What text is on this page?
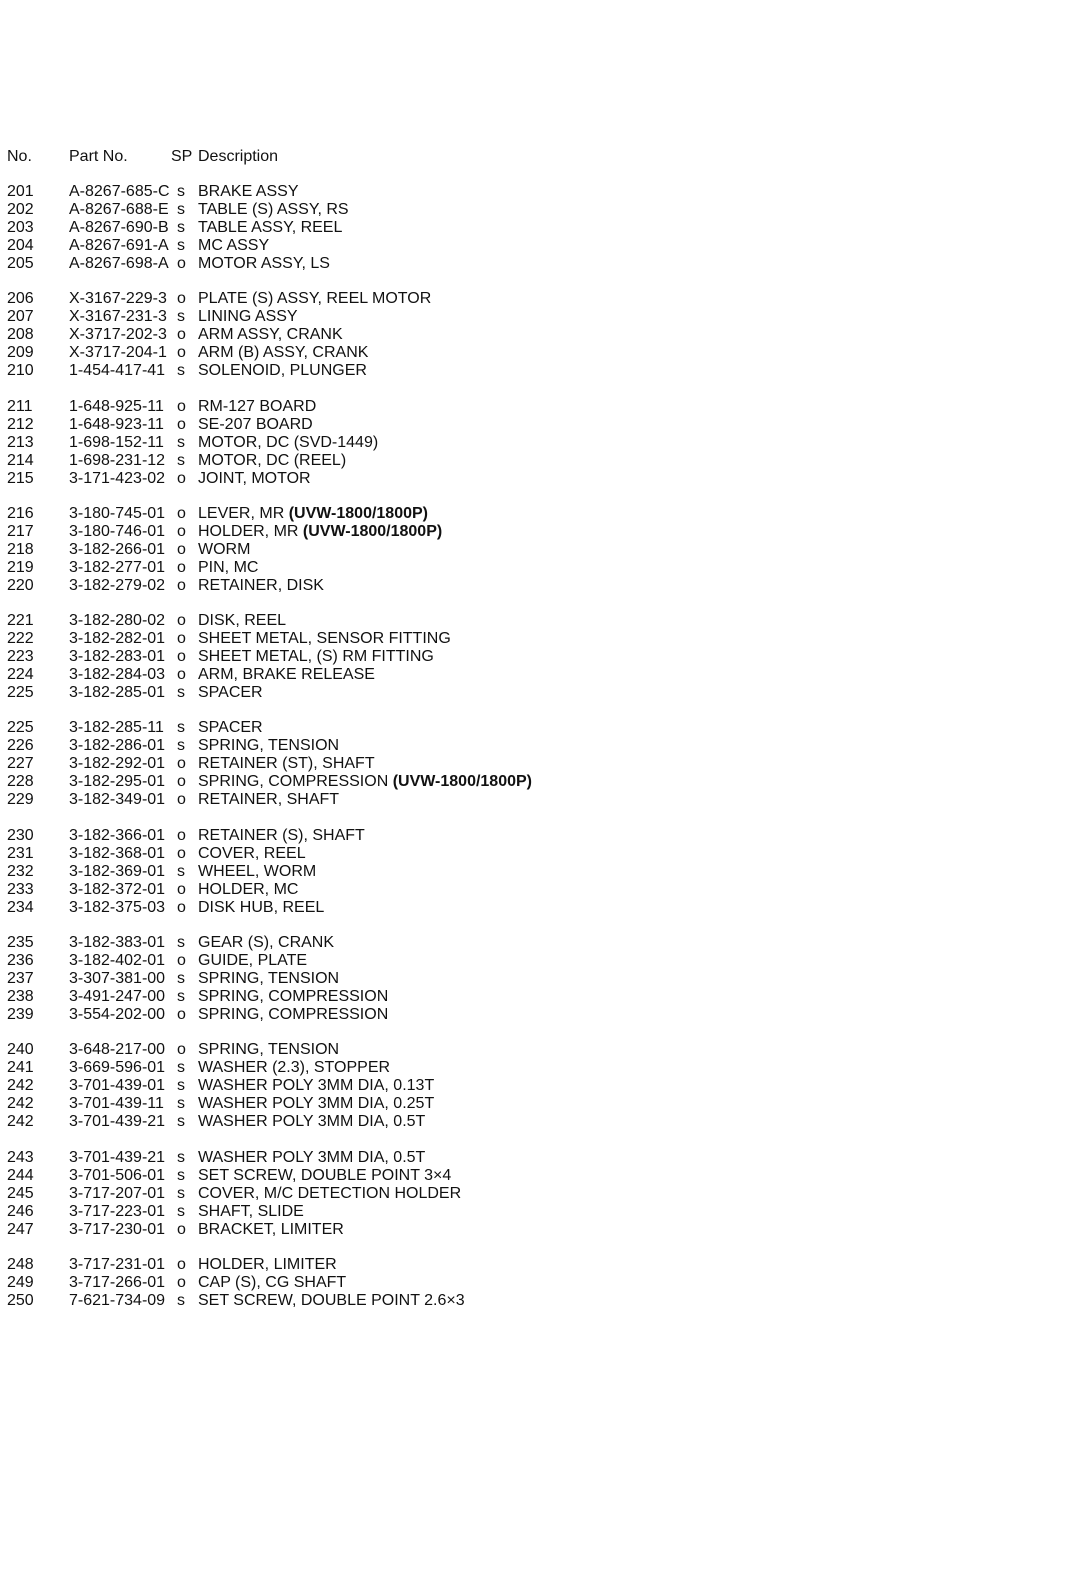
No.	Part No.	SP Description
201	A-8267-685-C s BRAKE ASSY
202	A-8267-688-E s TABLE (S) ASSY, RS
203	A-8267-690-B s TABLE ASSY, REEL
204	A-8267-691-A s MC ASSY
205	A-8267-698-A o MOTOR ASSY, LS
206	X-3167-229-3 o PLATE (S) ASSY, REEL MOTOR
207	X-3167-231-3 s LINING ASSY
208	X-3717-202-3 o ARM ASSY, CRANK
209	X-3717-204-1 o ARM (B) ASSY, CRANK
210	1-454-417-41 s SOLENOID, PLUNGER
211	1-648-925-11 o RM-127 BOARD
212	1-648-923-11 o SE-207 BOARD
213	1-698-152-11 s MOTOR, DC (SVD-1449)
214	1-698-231-12 s MOTOR, DC (REEL)
215	3-171-423-02 o JOINT, MOTOR
216	3-180-745-01 o LEVER, MR (UVW-1800/1800P)
217	3-180-746-01 o HOLDER, MR (UVW-1800/1800P)
218	3-182-266-01 o WORM
219	3-182-277-01 o PIN, MC
220	3-182-279-02 o RETAINER, DISK
221	3-182-280-02 o DISK, REEL
222	3-182-282-01 o SHEET METAL, SENSOR FITTING
223	3-182-283-01 o SHEET METAL, (S) RM FITTING
224	3-182-284-03 o ARM, BRAKE RELEASE
225	3-182-285-01 s SPACER
225	3-182-285-11 s SPACER
226	3-182-286-01 s SPRING, TENSION
227	3-182-292-01 o RETAINER (ST), SHAFT
228	3-182-295-01 o SPRING, COMPRESSION (UVW-1800/1800P)
229	3-182-349-01 o RETAINER, SHAFT
230	3-182-366-01 o RETAINER (S), SHAFT
231	3-182-368-01 o COVER, REEL
232	3-182-369-01 s WHEEL, WORM
233	3-182-372-01 o HOLDER, MC
234	3-182-375-03 o DISK HUB, REEL
235	3-182-383-01 s GEAR (S), CRANK
236	3-182-402-01 o GUIDE, PLATE
237	3-307-381-00 s SPRING, TENSION
238	3-491-247-00 s SPRING, COMPRESSION
239	3-554-202-00 o SPRING, COMPRESSION
240	3-648-217-00 o SPRING, TENSION
241	3-669-596-01 s WASHER (2.3), STOPPER
242	3-701-439-01 s WASHER POLY 3MM DIA, 0.13T
242	3-701-439-11 s WASHER POLY 3MM DIA, 0.25T
242	3-701-439-21 s WASHER POLY 3MM DIA, 0.5T
243	3-701-439-21 s WASHER POLY 3MM DIA, 0.5T
244	3-701-506-01 s SET SCREW, DOUBLE POINT 3×4
245	3-717-207-01 s COVER, M/C DETECTION HOLDER
246	3-717-223-01 s SHAFT, SLIDE
247	3-717-230-01 o BRACKET, LIMITER
248	3-717-231-01 o HOLDER, LIMITER
249	3-717-266-01 o CAP (S), CG SHAFT
250	7-621-734-09 s SET SCREW, DOUBLE POINT 2.6×3
